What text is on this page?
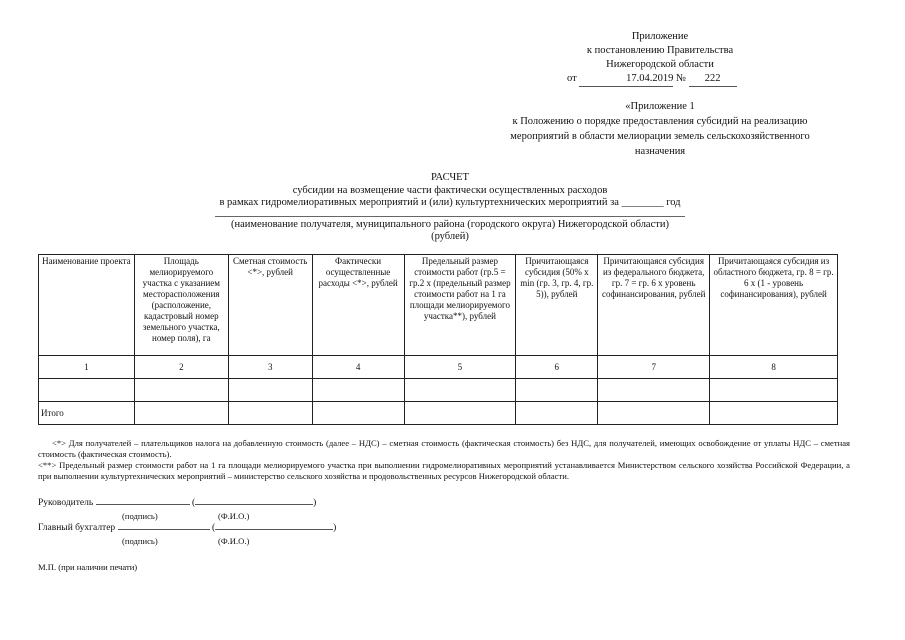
Приложение
к постановлению Правительства
Нижегородской области
от	17.04.2019 № 222
«Приложение 1
к Положению о порядке предоставления субсидий на реализацию
мероприятий в области мелиорации земель сельскохозяйственного
назначения
РАСЧЕТ
субсидии на возмещение части фактически осуществленных расходов
в рамках гидромелиоративных мероприятий и (или) культуртехнических мероприятий за ________ год
(наименование получателя, муниципального района (городского округа) Нижегородской области)
(рублей)
Наименование проекта	Площадь мелиорируемого участка с указанием месторасположения (расположение, кадастровый номер земельного участка, номер поля), га	Сметная стоимость <*>, рублей	Фактически осуществленные расходы <*>, рублей	Предельный размер стоимости работ (гр.5 = гр.2 х (предельный размер стоимости работ на 1 га площади мелиорируемого участка**), рублей	Причитающаяся субсидия (50% х min (гр. 3, гр. 4, гр. 5)), рублей	Причитающаяся субсидия из федерального бюджета, гр. 7 = гр. 6 х уровень софинансирования, рублей	Причитающаяся субсидия из областного бюджета, гр. 8 = гр. 6 х (1 - уровень софинансирования), рублей
1	2	3	4	5	6	7	8

Итого							
<*> Для получателей – плательщиков налога на добавленную стоимость (далее – НДС) – сметная стоимость (фактическая стоимость) без НДС, для получателей, имеющих освобождение от уплаты НДС – сметная стоимость (фактическая стоимость).
<**> Предельный размер стоимости работ на 1 га площади мелиорируемого участка при выполнении гидромелиоративных мероприятий устанавливается Министерством сельского хозяйства Российской Федерации, а при выполнении культуртехнических мероприятий – министерство сельского хозяйства и продовольственных ресурсов Нижегородской области.
Руководитель	(	)
(подпись)	(Ф.И.О.)
Главный бухгалтер	(	)
(подпись)	(Ф.И.О.)
М.П. (при наличии печати)
